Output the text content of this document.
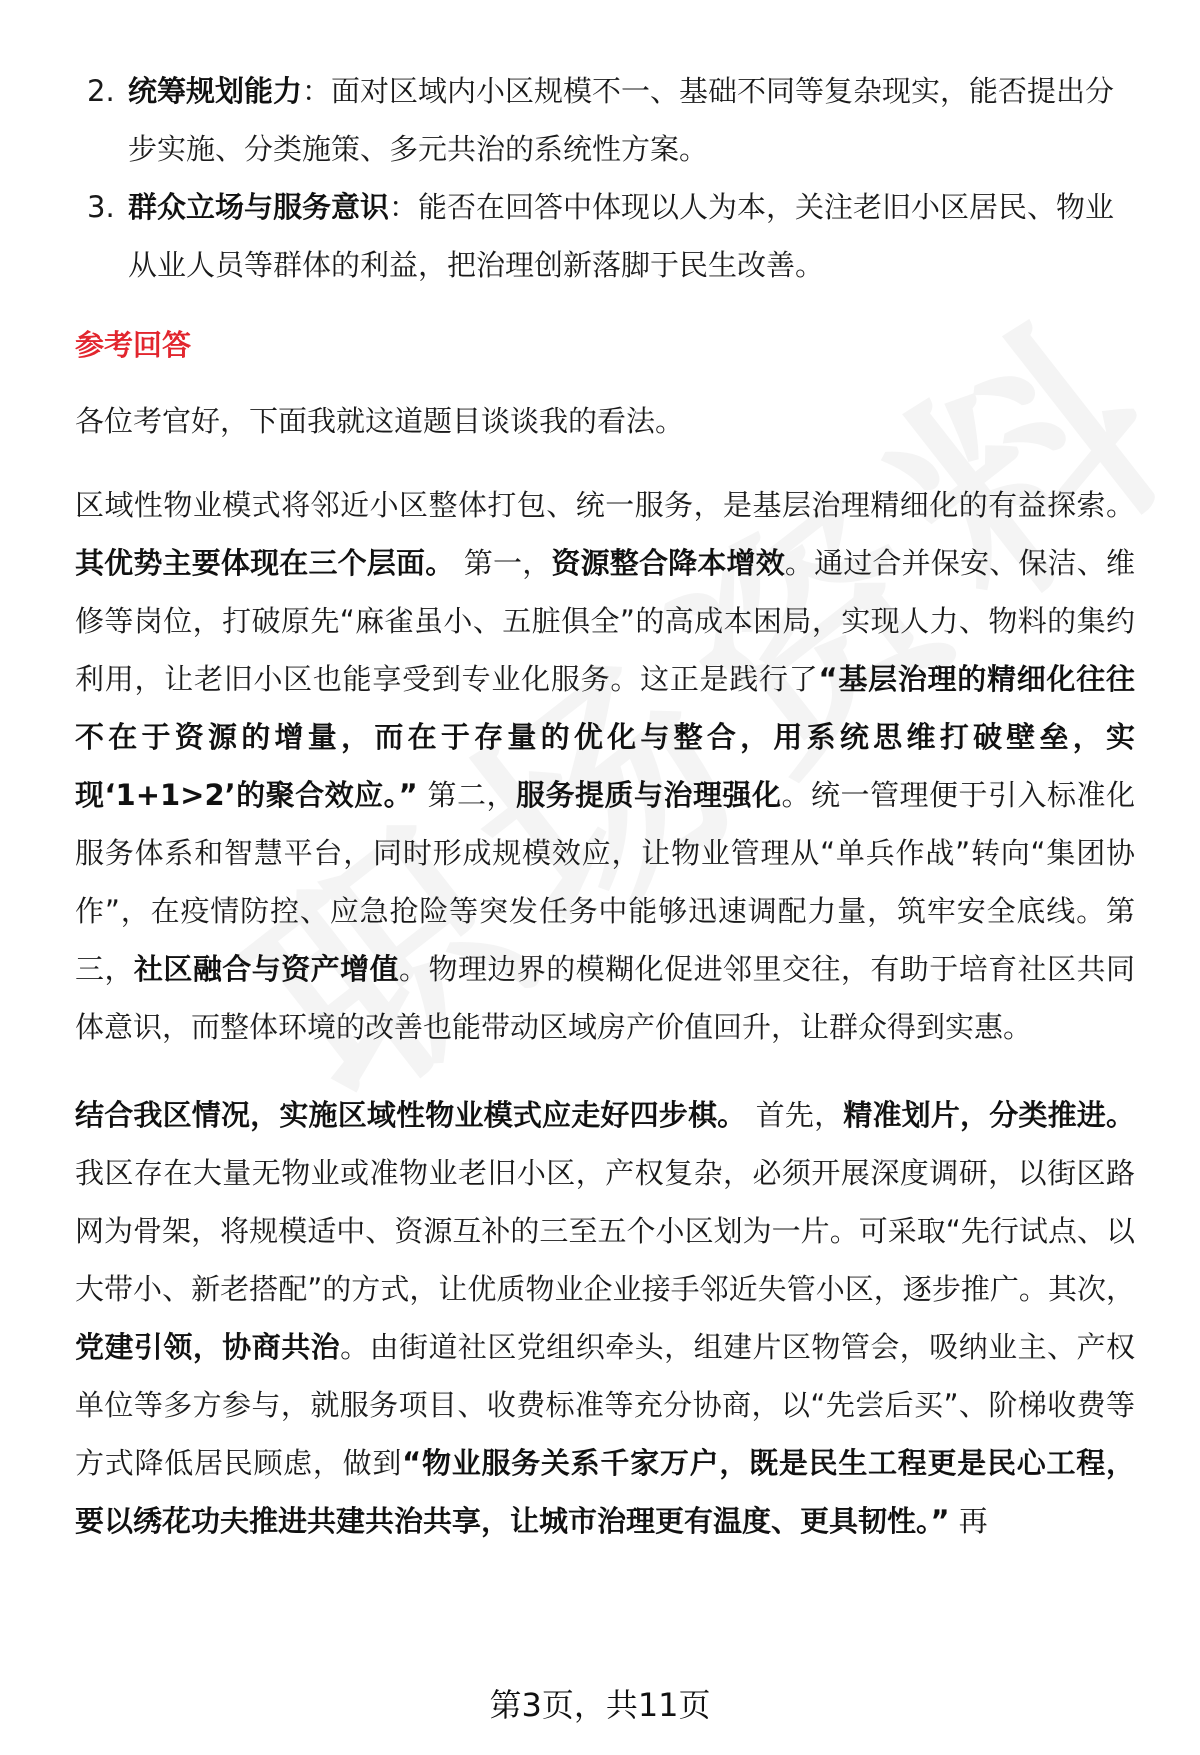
2. 统筹规划能力：面对区域内小区规模不一、基础不同等复杂现实，能否提出分步实施、分类施策、多元共治的系统性方案。
3. 群众立场与服务意识：能否在回答中体现以人为本，关注老旧小区居民、物业从业人员等群体的利益，把治理创新落脚于民生改善。
参考回答

各位考官好，下面我就这道题目谈谈我的看法。

区域性物业模式将邻近小区整体打包、统一服务，是基层治理精细化的有益探索。其优势主要体现在三个层面。 第一，资源整合降本增效。通过合并保安、保洁、维修等岗位，打破原先“麻雀虽小、五脏俱全”的高成本困局，实现人力、物料的集约利用，让老旧小区也能享受到专业化服务。这正是践行了“基层治理的精细化往往不在于资源的增量，而在于存量的优化与整合，用系统思维打破壁垒，实现‘1+1>2’的聚合效应。” 第二，服务提质与治理强化。统一管理便于引入标准化服务体系和智慧平台，同时形成规模效应，让物业管理从“单兵作战”转向“集团协作”，在疫情防控、应急抢险等突发任务中能够迅速调配力量，筑牢安全底线。第三，社区融合与资产增值。物理边界的模糊化促进邻里交往，有助于培育社区共同体意识，而整体环境的改善也能带动区域房产价值回升，让群众得到实惠。

结合我区情况，实施区域性物业模式应走好四步棋。 首先，精准划片，分类推进。我区存在大量无物业或准物业老旧小区，产权复杂，必须开展深度调研，以街区路网为骨架，将规模适中、资源互补的三至五个小区划为一片。可采取“先行试点、以大带小、新老搭配”的方式，让优质物业企业接手邻近失管小区，逐步推广。其次，党建引领，协商共治。由街道社区党组织牵头，组建片区物管会，吸纳业主、产权单位等多方参与，就服务项目、收费标准等充分协商，以“先尝后买”、阶梯收费等方式降低居民顾虑，做到“物业服务关系千家万户，既是民生工程更是民心工程，要以绣花功夫推进共建共治共享，让城市治理更有温度、更具韧性。” 再

第3页，共11页
